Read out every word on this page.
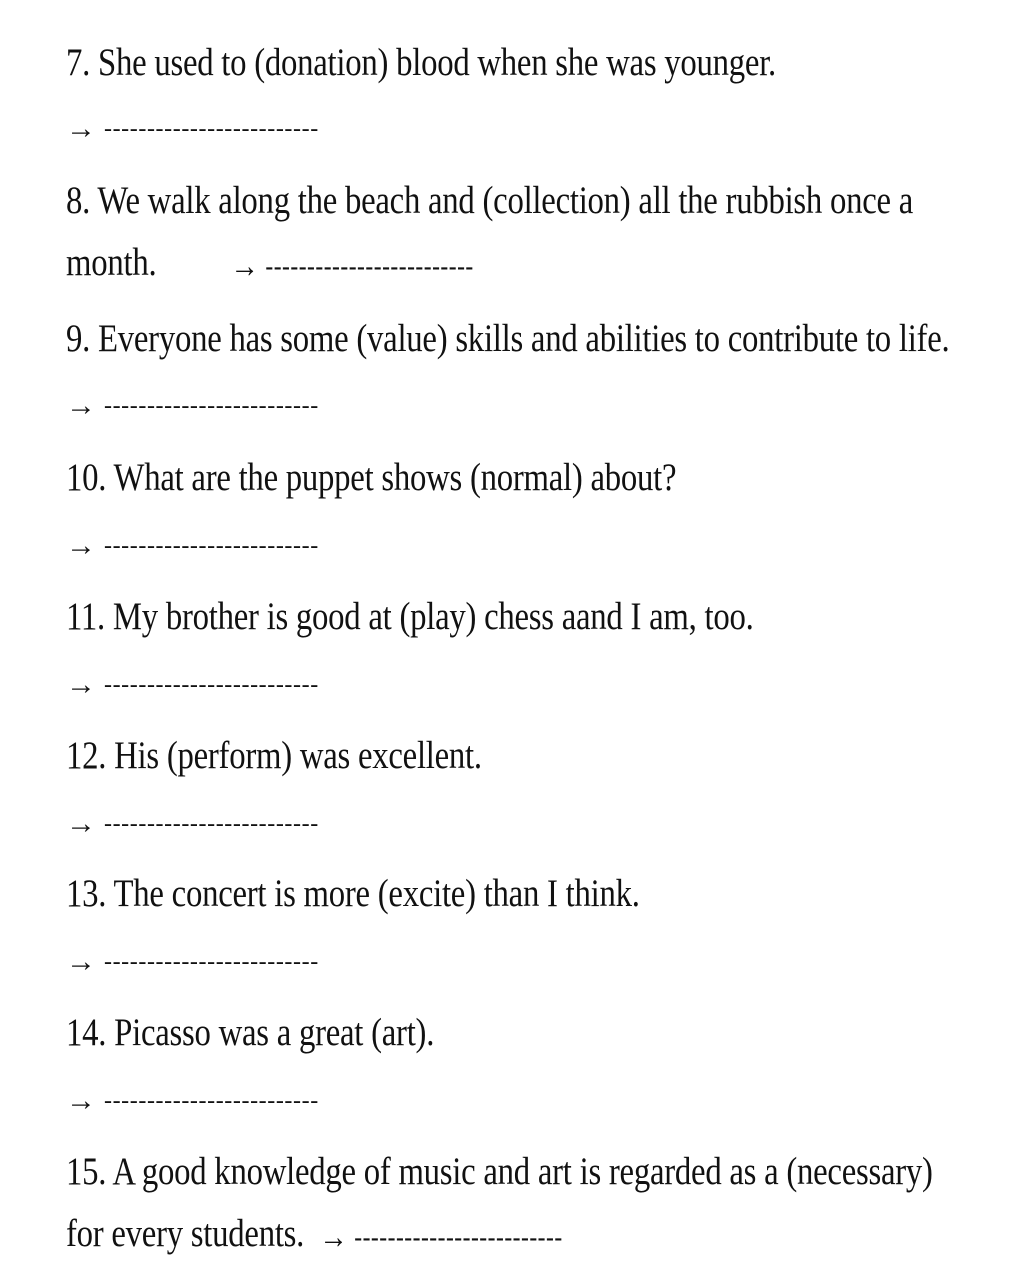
7. She used to (donation) blood when she was younger.
→ -------------------------
8. We walk along the beach and (collection) all the rubbish once a
month. → -------------------------
9. Everyone has some (value) skills and abilities to contribute to life.
→ -------------------------
10. What are the puppet shows (normal) about?
→ -------------------------
11. My brother is good at (play) chess aand I am, too.
→ -------------------------
12. His (perform) was excellent.
→ -------------------------
13. The concert is more (excite) than I think.
→ -------------------------
14. Picasso was a great (art).
→ -------------------------
15. A good knowledge of music and art is regarded as a (necessary)
for every students. → -------------------------
